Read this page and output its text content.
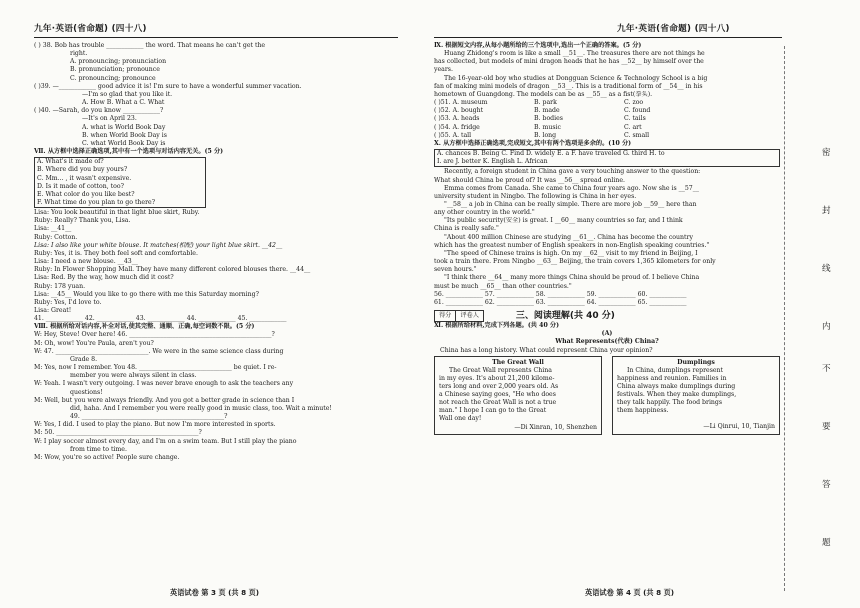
九年·英语(省命题) (四十八)
( ) 38. Bob has trouble ____________ the word. That means he can't get the
right.
A. pronouncing; pronunciation
B. pronunciation; pronounce
C. pronouncing; pronounce
( )39. —____________ good advice it is! I'm sure to have a wonderful summer vacation.
—I'm so glad that you like it.
A. How B. What a C. What
( )40. —Sarah, do you know ____________?
—It's on April 23.
A. what is World Book Day
B. when World Book Day is
C. what World Book Day is
Ⅶ. 从方框中选择正确选项,其中有一个选项与对话内容无关。(5 分)
A. What's it made of?
B. Where did you buy yours?
C. Mm... , it wasn't expensive.
D. Is it made of cotton, too?
E. What color do you like best?
F. What time do you plan to go there?
Lisa: You look beautiful in that light blue skirt, Ruby.
Ruby: Really? Thank you, Lisa.
Lisa: __41__
Ruby: Cotton.
Lisa: I also like your white blouse. It matches(相配) your light blue skirt. __42__
Ruby: Yes, it is. They both feel soft and comfortable.
Lisa: I need a new blouse. __43__
Ruby: In Flower Shopping Mall. They have many different colored blouses there. __44__
Lisa: Red. By the way, how much did it cost?
Ruby: 178 yuan.
Lisa: __45__ Would you like to go there with me this Saturday morning?
Ruby: Yes, I'd love to.
Lisa: Great!
41. ____________ 42. ____________ 43. ____________ 44. ____________ 45. ____________
Ⅷ. 根据所给对话内容,补全对话,使其完整、通顺、正确,每空词数不限。(5 分)
W: Hey, Steve! Over here! 46. ______________________________________________?
M: Oh, wow! You're Paula, aren't you?
W: 47. ______________________________. We were in the same science class during
Grade 8.
M: Yes, now I remember. You 48. ______________________________ be quiet. I re-
member you were always silent in class.
W: Yeah. I wasn't very outgoing. I was never brave enough to ask the teachers any
questions!
M: Well, but you were always friendly. And you got a better grade in science than I
did, haha. And I remember you were really good in music class, too. Wait a minute!
49. ______________________________________________?
W: Yes, I did. I used to play the piano. But now I'm more interested in sports.
M: 50. ______________________________________________?
W: I play soccer almost every day, and I'm on a swim team. But I still play the piano
from time to time.
M: Wow, you're so active! People sure change.
英语试卷 第 3 页 (共 8 页)
九年·英语(省命题) (四十八)
Ⅸ. 根据短文内容,从每小题所给的三个选项中,选出一个正确的答案。(5 分)
Huang Zhidong's room is like a small __51__. The treasures there are not things he
has collected, but models of mini dragon heads that he has __52__ by himself over the
years.
The 16-year-old boy who studies at Dongguan Science & Technology School is a big
fan of making mini models of dragon __53__. This is a traditional form of __54__ in his
hometown of Guangdong. The models can be as __55__ as a fist(拳头).
( )51. A. museum	B. park	C. zoo
( )52. A. bought	B. made	C. found
( )53. A. heads	B. bodies	C. tails
( )54. A. fridge	B. music	C. art
( )55. A. tall	B. long	C. small
Ⅹ. 从方框中选择正确选项,完成短文,其中有两个选项是多余的。(10 分)
A. chances B. Being C. Find D. widely E. a F. have traveled G. third H. to
I. are J. better K. English L. African
Recently, a foreign student in China gave a very touching answer to the question:
What should China be proud of? It was __56__ spread online.
Emma comes from Canada. She came to China four years ago. Now she is __57__
university student in Ningbo. The following is China in her eyes.
"__58__ a job in China can be really simple. There are more job __59__ here than
any other country in the world."
"Its public security(安全) is great. I __60__ many countries so far, and I think
China is really safe."
"About 400 million Chinese are studying __61__. China has become the country
which has the greatest number of English speakers in non-English speaking countries."
"The speed of Chinese trains is high. On my __62__ visit to my friend in Beijing, I
took a train there. From Ningbo __63__ Beijing, the train covers 1,365 kilometers for only
seven hours."
"I think there __64__ many more things China should be proud of. I believe China
must be much __65__ than other countries."
56. ____________ 57. ____________ 58. ____________ 59. ____________ 60. ____________
61. ____________ 62. ____________ 63. ____________ 64. ____________ 65. ____________
得分	评卷人	三、阅读理解(共 40 分)
Ⅺ. 根据所给材料,完成下列各题。(共 40 分)
(A)
What Represents(代表) China?
China has a long history. What could represent China your opinion?
The Great Wall
The Great Wall represents China
in my eyes. It's about 21,200 kilome-
ters long and over 2,000 years old. As
a Chinese saying goes, "He who does
not reach the Great Wall is not a true
man." I hope I can go to the Great
Wall one day!
—Di Xinran, 10, Shenzhen
Dumplings
In China, dumplings represent
happiness and reunion. Families in
China always make dumplings during
festivals. When they make dumplings,
they talk happily. The food brings
them happiness.
—Li Qinrui, 10, Tianjin
密
封
线
内
不
要
答
题
英语试卷 第 4 页 (共 8 页)
